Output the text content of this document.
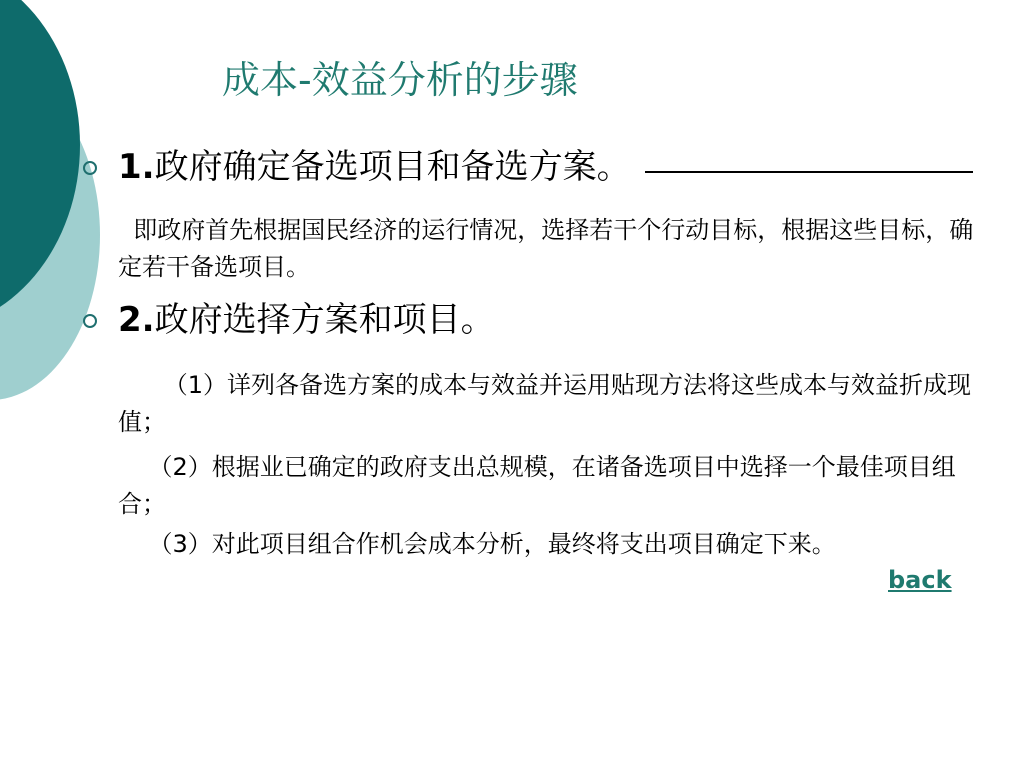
成本-效益分析的步骤
1.政府确定备选项目和备选方案。
即政府首先根据国民经济的运行情况，选择若干个行动目标，根据这些目标，确定若干备选项目。
2.政府选择方案和项目。
（1）详列各备选方案的成本与效益并运用贴现方法将这些成本与效益折成现值；
（2）根据业已确定的政府支出总规模，在诸备选项目中选择一个最佳项目组合；
（3）对此项目组合作机会成本分析，最终将支出项目确定下来。
back
